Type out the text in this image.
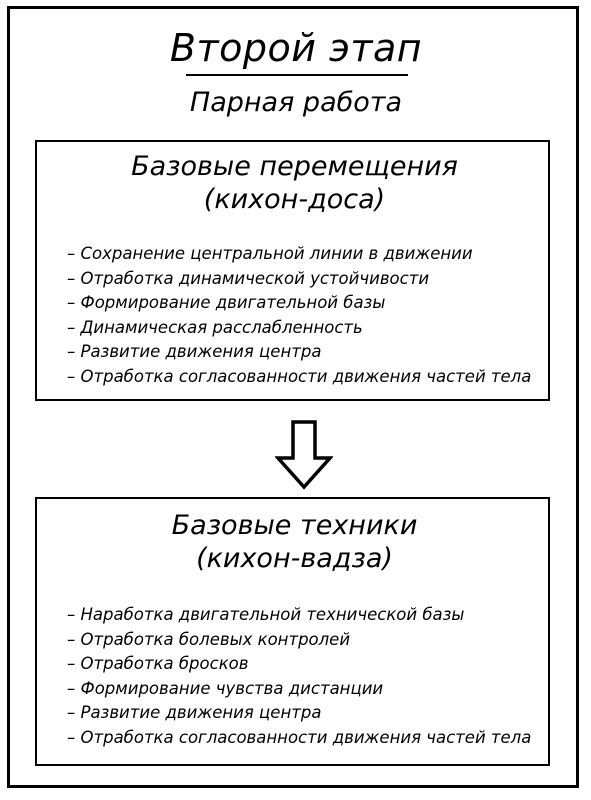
Второй этап
Парная работа
Базовые перемещения
(кихон-доса)
– Сохранение центральной линии в движении
– Отработка динамической устойчивости
– Формирование двигательной базы
– Динамическая расслабленность
– Развитие движения центра
– Отработка согласованности движения частей тела
Базовые техники
(кихон-вадза)
– Наработка двигательной технической базы
– Отработка болевых контролей
– Отработка бросков
– Формирование чувства дистанции
– Развитие движения центра
– Отработка согласованности движения частей тела
